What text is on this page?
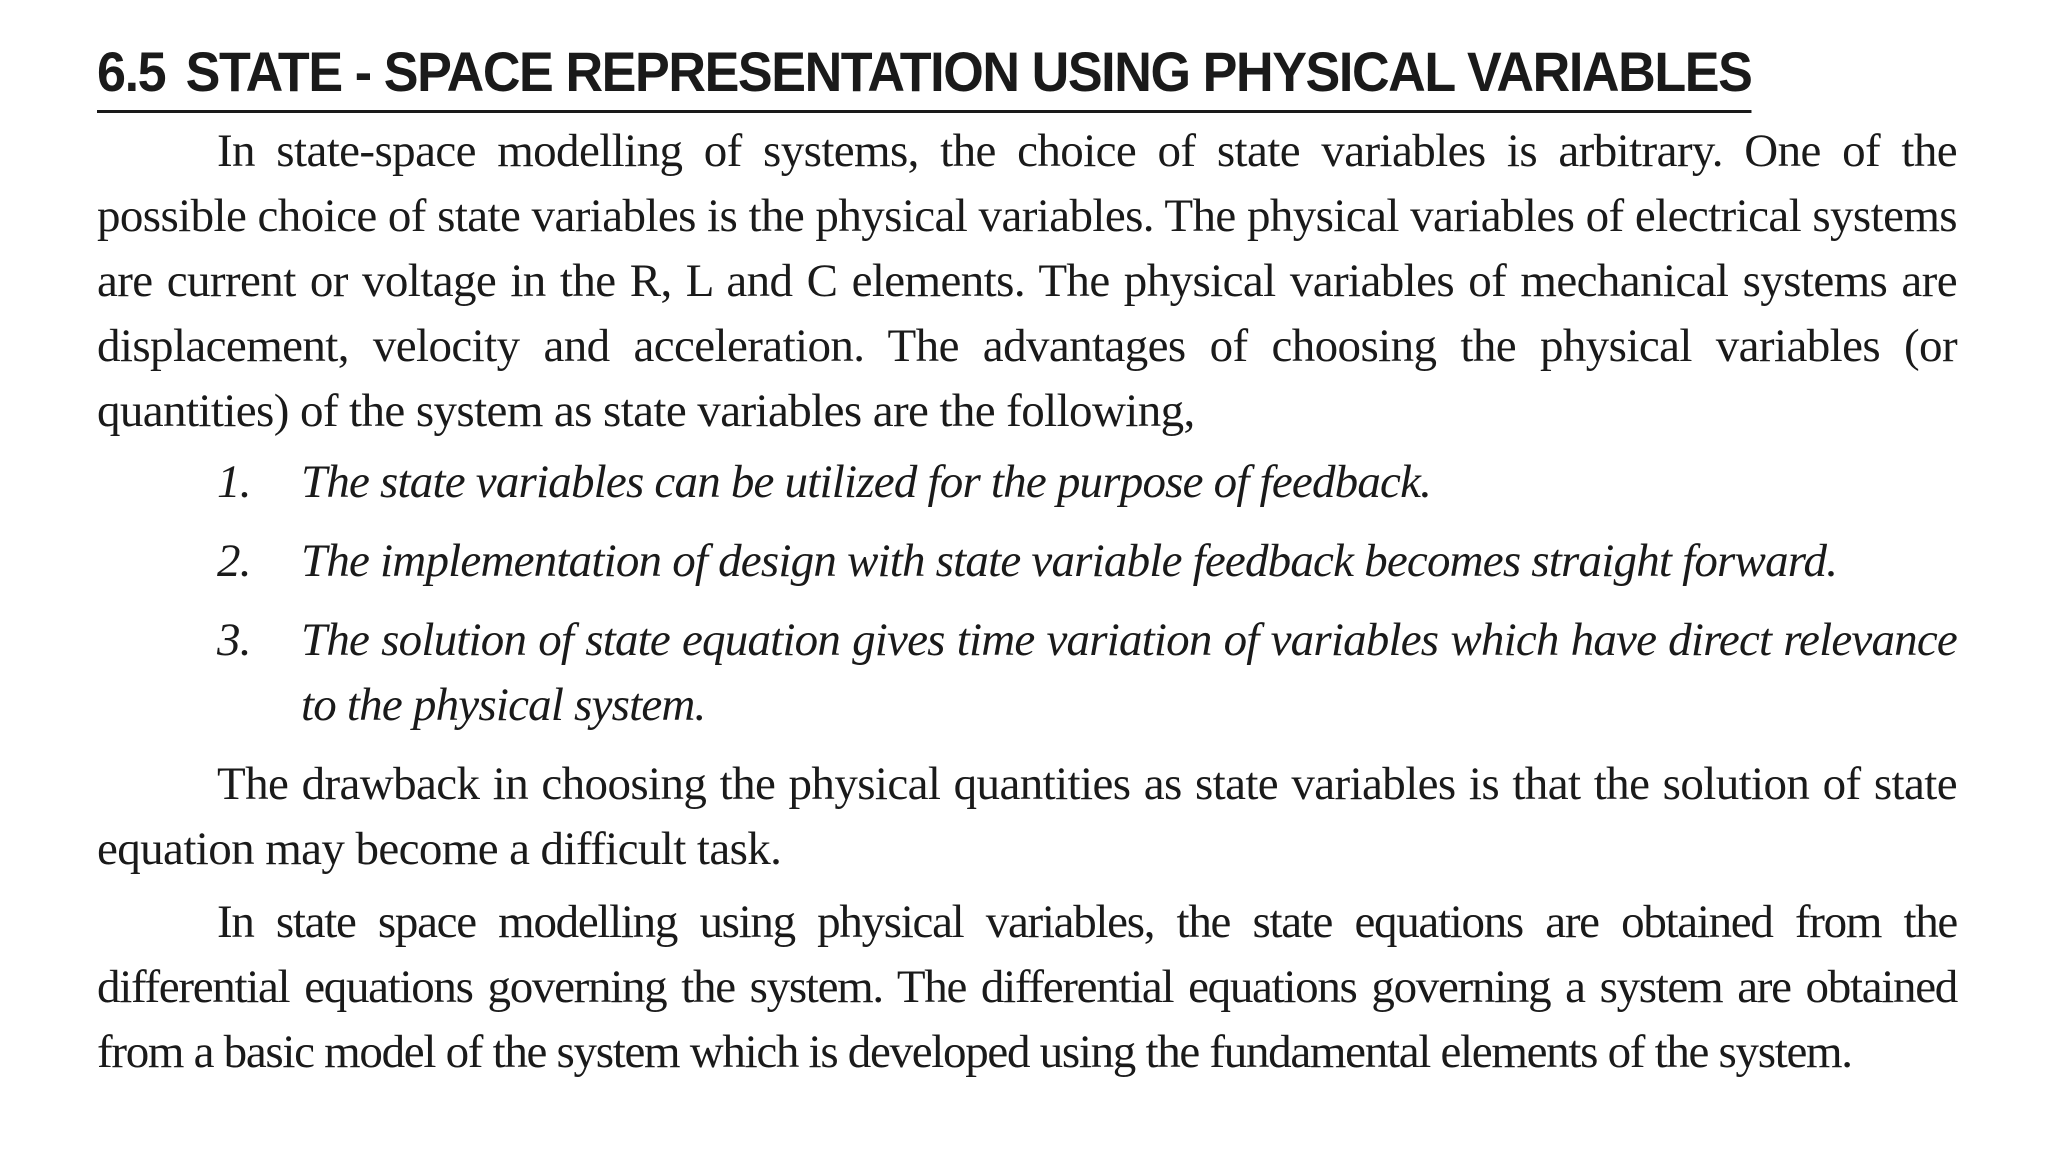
6.5 STATE - SPACE REPRESENTATION USING PHYSICAL VARIABLES

In state-space modelling of systems, the choice of state variables is arbitrary. One of the possible choice of state variables is the physical variables. The physical variables of electrical systems are current or voltage in the R, L and C elements. The physical variables of mechanical systems are displacement, velocity and acceleration. The advantages of choosing the physical variables (or quantities) of the system as state variables are the following,

1.	The state variables can be utilized for the purpose of feedback.
2.	The implementation of design with state variable feedback becomes straight forward.
3.	The solution of state equation gives time variation of variables which have direct relevance to the physical system.

The drawback in choosing the physical quantities as state variables is that the solution of state equation may become a difficult task.

In state space modelling using physical variables, the state equations are obtained from the differential equations governing the system. The differential equations governing a system are obtained from a basic model of the system which is developed using the fundamental elements of the system.
